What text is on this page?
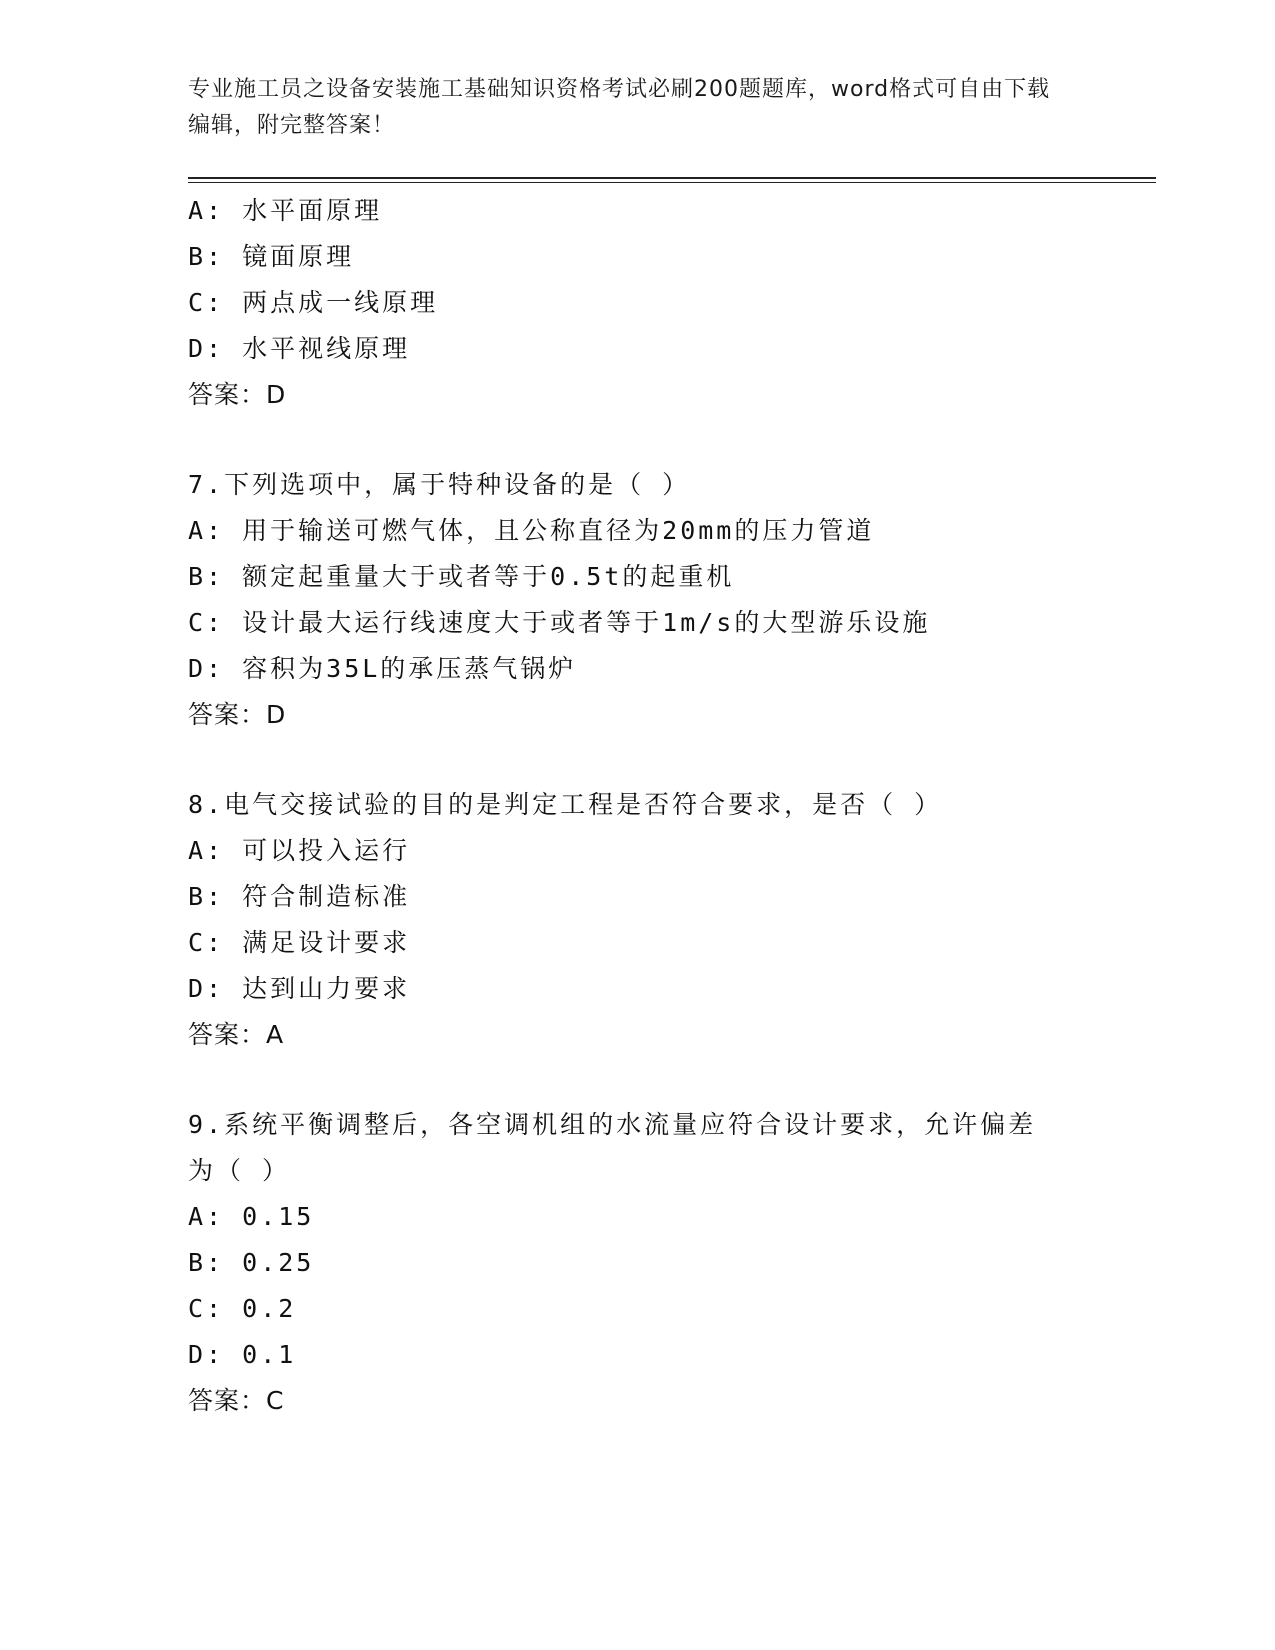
专业施工员之设备安装施工基础知识资格考试必刷200题题库，word格式可自由下载编辑，附完整答案！
A: 水平面原理
B: 镜面原理
C: 两点成一线原理
D: 水平视线原理
答案：D
7.下列选项中，属于特种设备的是（ ）
A: 用于输送可燃气体，且公称直径为20mm的压力管道
B: 额定起重量大于或者等于0.5t的起重机
C: 设计最大运行线速度大于或者等于1m/s的大型游乐设施
D: 容积为35L的承压蒸气锅炉
答案：D
8.电气交接试验的目的是判定工程是否符合要求，是否（ ）
A: 可以投入运行
B: 符合制造标准
C: 满足设计要求
D: 达到山力要求
答案：A
9.系统平衡调整后，各空调机组的水流量应符合设计要求，允许偏差
为（ ）
A: 0.15
B: 0.25
C: 0.2
D: 0.1
答案：C
